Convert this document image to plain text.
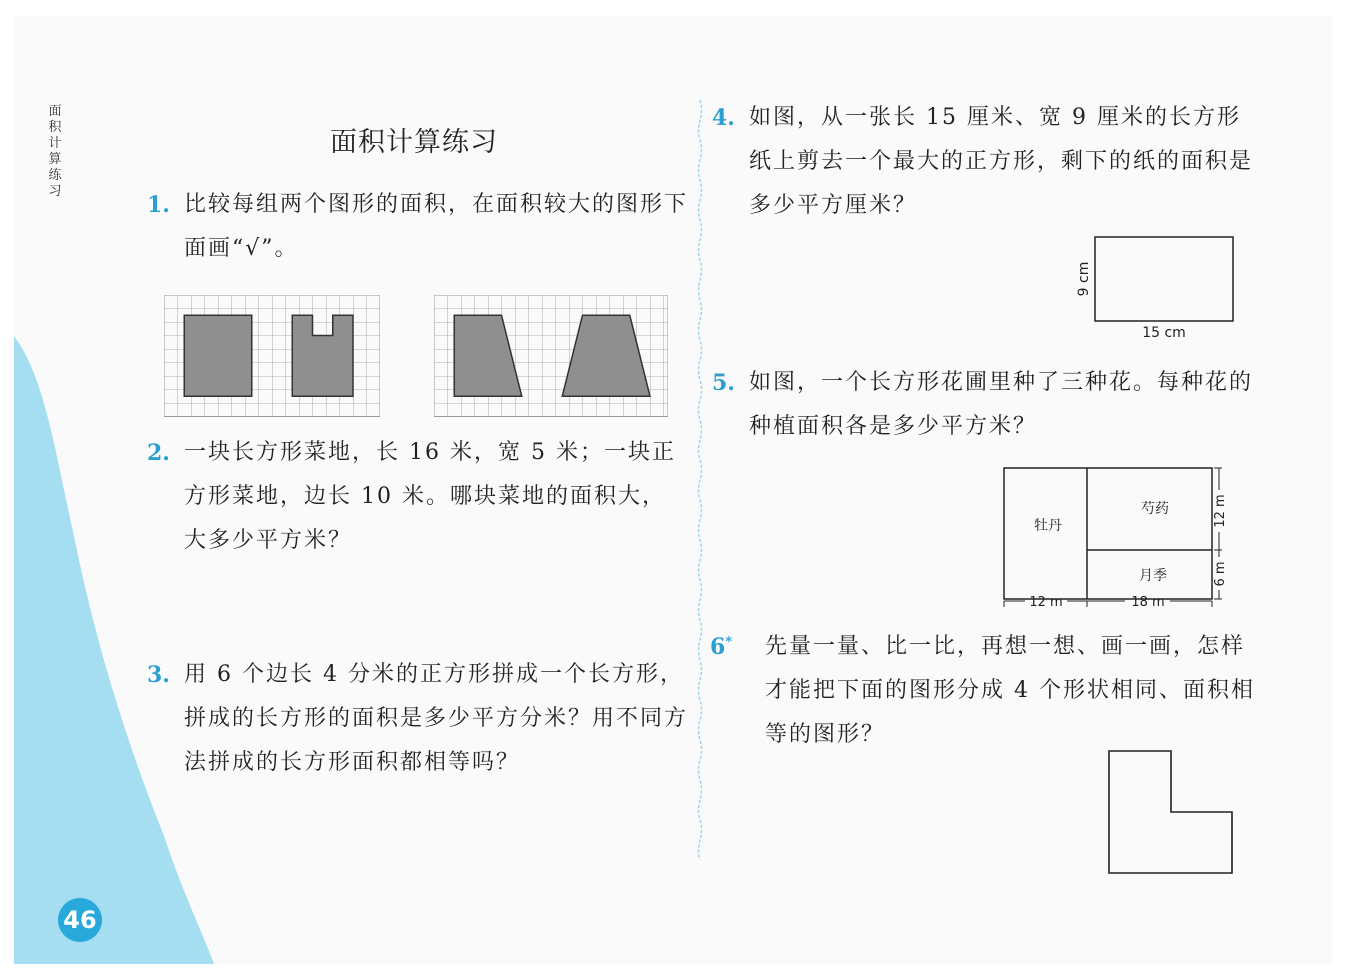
面积计算练习
面积计算练习
1. 比较每组两个图形的面积，在面积较大的图形下面画“√”。
2. 一块长方形菜地，长 16 米，宽 5 米；一块正方形菜地，边长 10 米。哪块菜地的面积大，大多少平方米？
3. 用 6 个边长 4 分米的正方形拼成一个长方形，拼成的长方形的面积是多少平方分米？用不同方法拼成的长方形面积都相等吗？
4. 如图，从一张长 15 厘米、宽 9 厘米的长方形纸上剪去一个最大的正方形，剩下的纸的面积是多少平方厘米？
15 cm
9 cm
5. 如图，一个长方形花圃里种了三种花。每种花的种植面积各是多少平方米？
牡丹
芍药
月季
12 m	18 m
12 m
6 m
6* 先量一量、比一比，再想一想、画一画，怎样才能把下面的图形分成 4 个形状相同、面积相等的图形？
46
